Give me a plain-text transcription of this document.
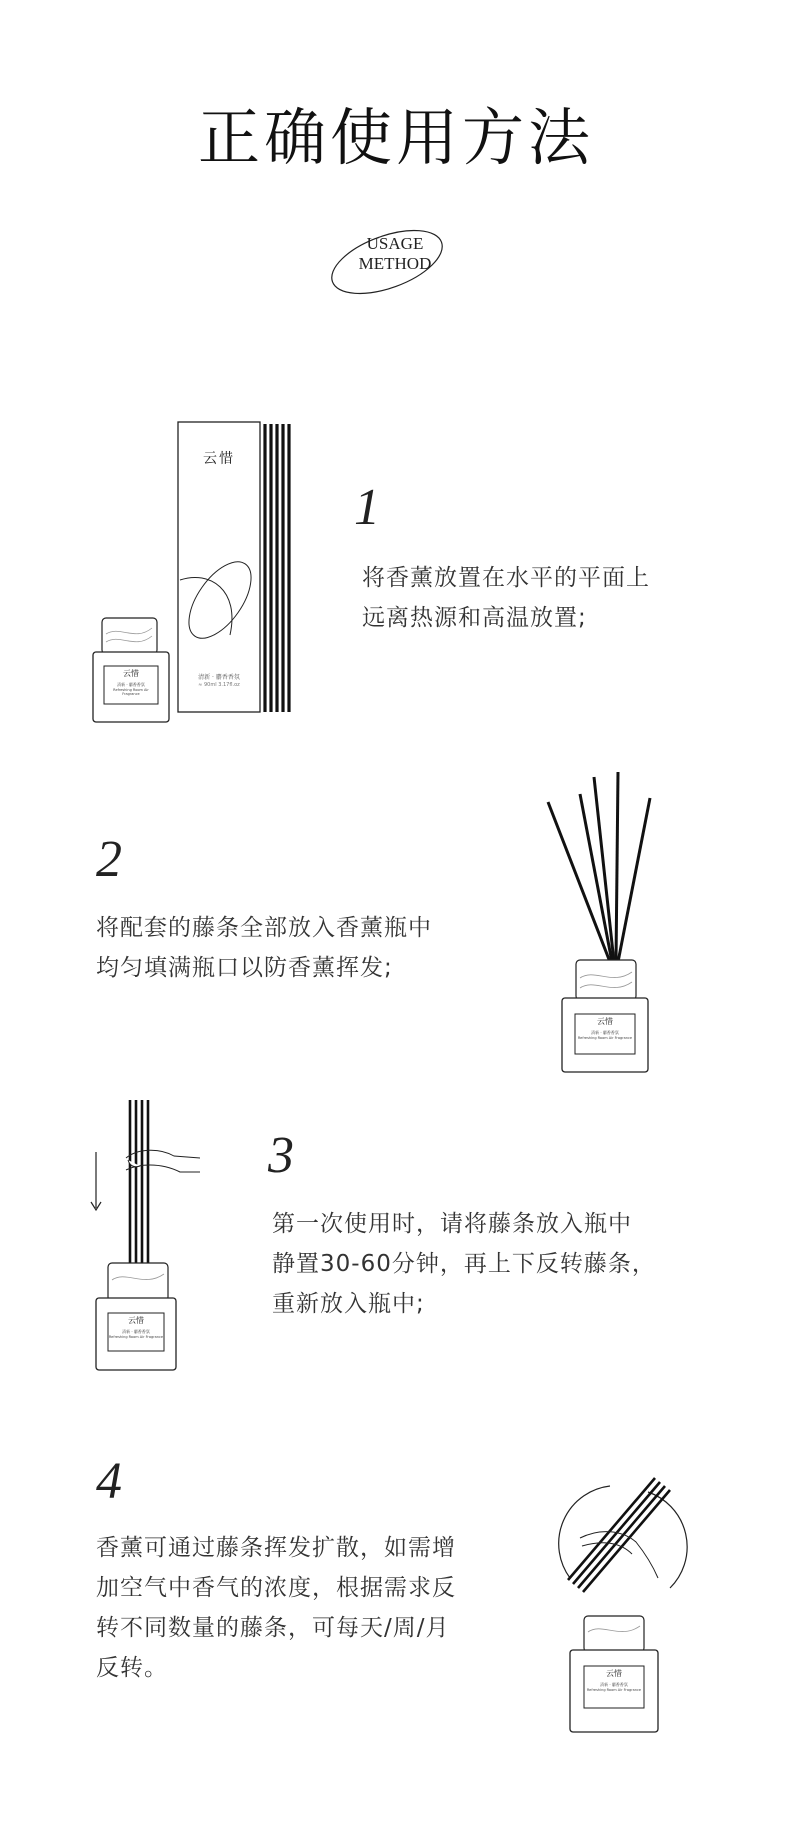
正确使用方法
USAGE
METHOD
云惜
清新 · 麝香香氛
≈ 90ml 3.17fl.oz
云惜
清新 · 麝香香氛
Refreshing Room Air Fragrance
1
将香薰放置在水平的平面上
远离热源和高温放置;
2
将配套的藤条全部放入香薰瓶中
均匀填满瓶口以防香薰挥发;
云惜
清新 · 麝香香氛
Refreshing Room Air Fragrance
云惜
清新 · 麝香香氛
Refreshing Room Air Fragrance
3
第一次使用时，请将藤条放入瓶中
静置30-60分钟，再上下反转藤条，
重新放入瓶中;
4
香薰可通过藤条挥发扩散，如需增
加空气中香气的浓度，根据需求反
转不同数量的藤条，可每天/周/月
反转。	云惜
清新 · 麝香香氛
Refreshing Room Air Fragrance
